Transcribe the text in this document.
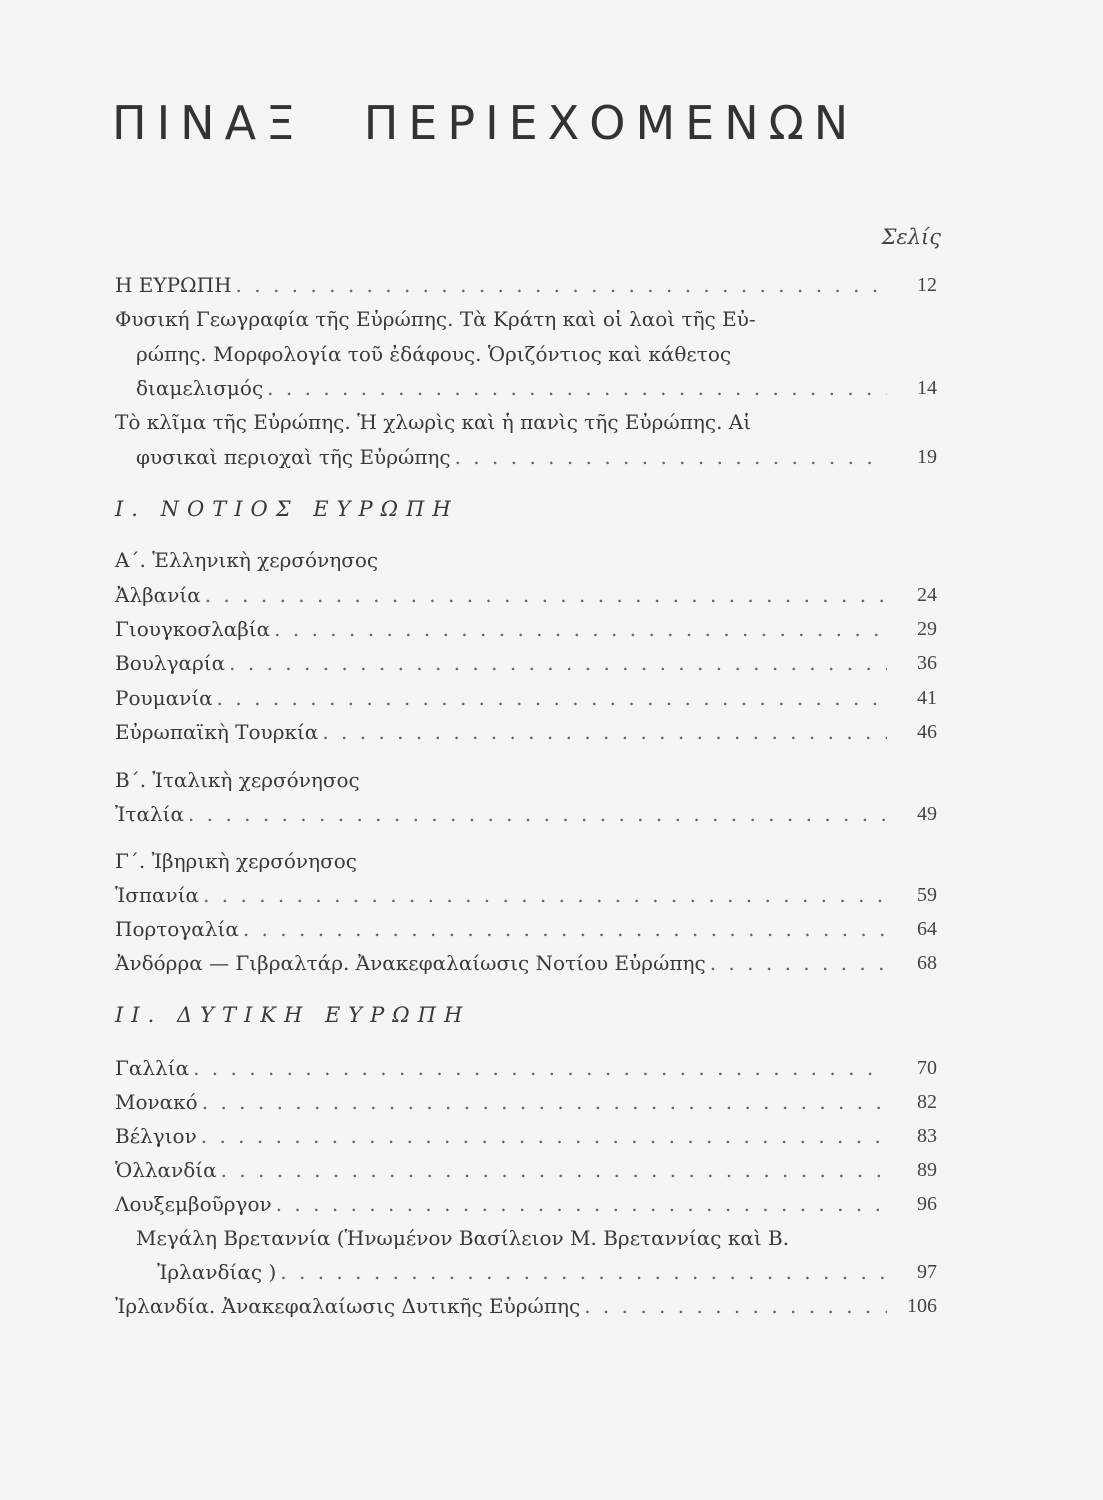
ΠΙΝΑΞ ΠΕΡΙΕΧΟΜΕΝΩΝ
Σελίς
Η ΕΥΡΩΠΗ . . .	12
Φυσική Γεωγραφία τῆς Εὐρώπης. Τὰ Κράτη καὶ οἱ λαοὶ τῆς Εὐ-
ρώπης. Μορφολογία τοῦ ἐδάφους. Ὁριζόντιος καὶ κάθετος
διαμελισμός . . .	14
Τὸ κλῖμα τῆς Εὐρώπης. Ἡ χλωρὶς καὶ ἡ πανὶς τῆς Εὐρώπης. Αἱ
φυσικαὶ περιοχαὶ τῆς Εὐρώπης . . .	19
Ι. ΝΟΤΙΟΣ ΕΥΡΩΠΗ
Α΄. Ἑλληνικὴ χερσόνησος
Ἀλβανία . . .	24
Γιουγκοσλαβία . . .	29
Βουλγαρία . . .	36
Ρουμανία . . .	41
Εὐρωπαϊκὴ Τουρκία . . .	46
Β΄. Ἰταλικὴ χερσόνησος
Ἰταλία . . .	49
Γ΄. Ἰβηρικὴ χερσόνησος
Ἱσπανία . . .	59
Πορτογαλία . . .	64
Ἀνδόρρα — Γιβραλτάρ. Ἀνακεφαλαίωσις Νοτίου Εὐρώπης . . .	68
ΙΙ. ΔΥΤΙΚΗ ΕΥΡΩΠΗ
Γαλλία . . .	70
Μονακό . . .	82
Βέλγιον . . .	83
Ὁλλανδία . . .	89
Λουξεμβοῦργον . . .	96
Μεγάλη Βρεταννία (Ἡνωμένον Βασίλειον Μ. Βρεταννίας καὶ Β.
Ἰρλανδίας ) . . .	97
Ἰρλανδία. Ἀνακεφαλαίωσις Δυτικῆς Εὐρώπης . . .	106
